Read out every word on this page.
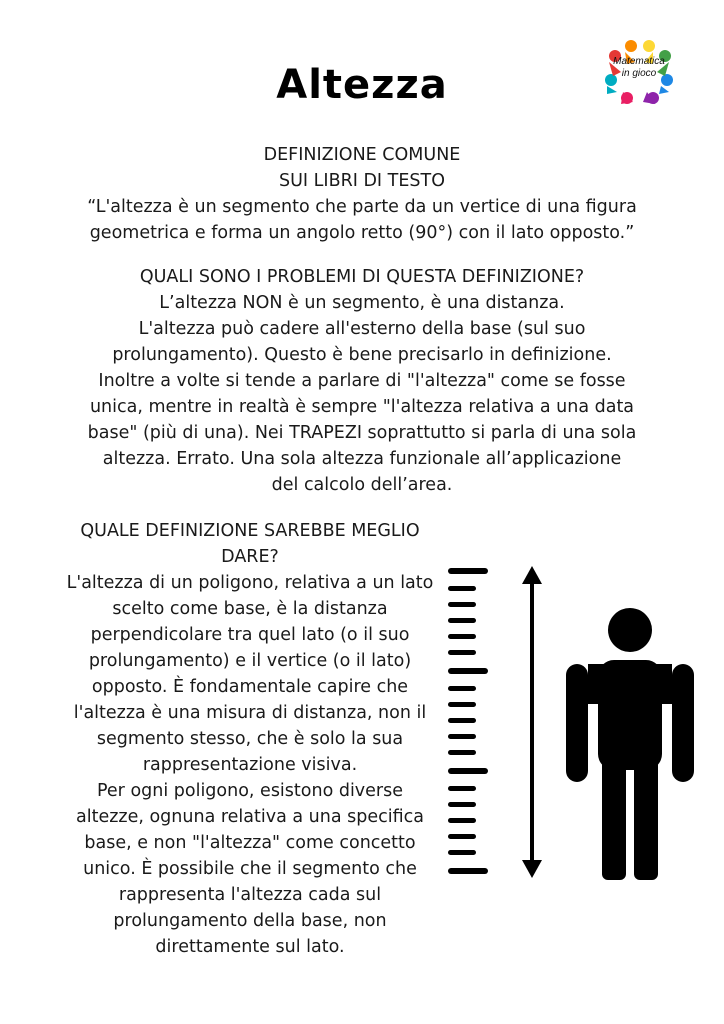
Altezza
Matematica
in gioco
DEFINIZIONE COMUNE
SUI LIBRI DI TESTO
“L'altezza è un segmento che parte da un vertice di una figura
geometrica e forma un angolo retto (90°) con il lato opposto.”
QUALI SONO I PROBLEMI DI QUESTA DEFINIZIONE?
L’altezza NON è un segmento, è una distanza.
L'altezza può cadere all'esterno della base (sul suo
prolungamento). Questo è bene precisarlo in definizione.
Inoltre a volte si tende a parlare di "l'altezza" come se fosse
unica, mentre in realtà è sempre "l'altezza relativa a una data
base" (più di una). Nei TRAPEZI soprattutto si parla di una sola
altezza. Errato. Una sola altezza funzionale all’applicazione
del calcolo dell’area.
QUALE DEFINIZIONE SAREBBE MEGLIO
DARE?
L'altezza di un poligono, relativa a un lato
scelto come base, è la distanza
perpendicolare tra quel lato (o il suo
prolungamento) e il vertice (o il lato)
opposto. È fondamentale capire che
l'altezza è una misura di distanza, non il
segmento stesso, che è solo la sua
rappresentazione visiva.
Per ogni poligono, esistono diverse
altezze, ognuna relativa a una specifica
base, e non "l'altezza" come concetto
unico. È possibile che il segmento che
rappresenta l'altezza cada sul
prolungamento della base, non
direttamente sul lato.
